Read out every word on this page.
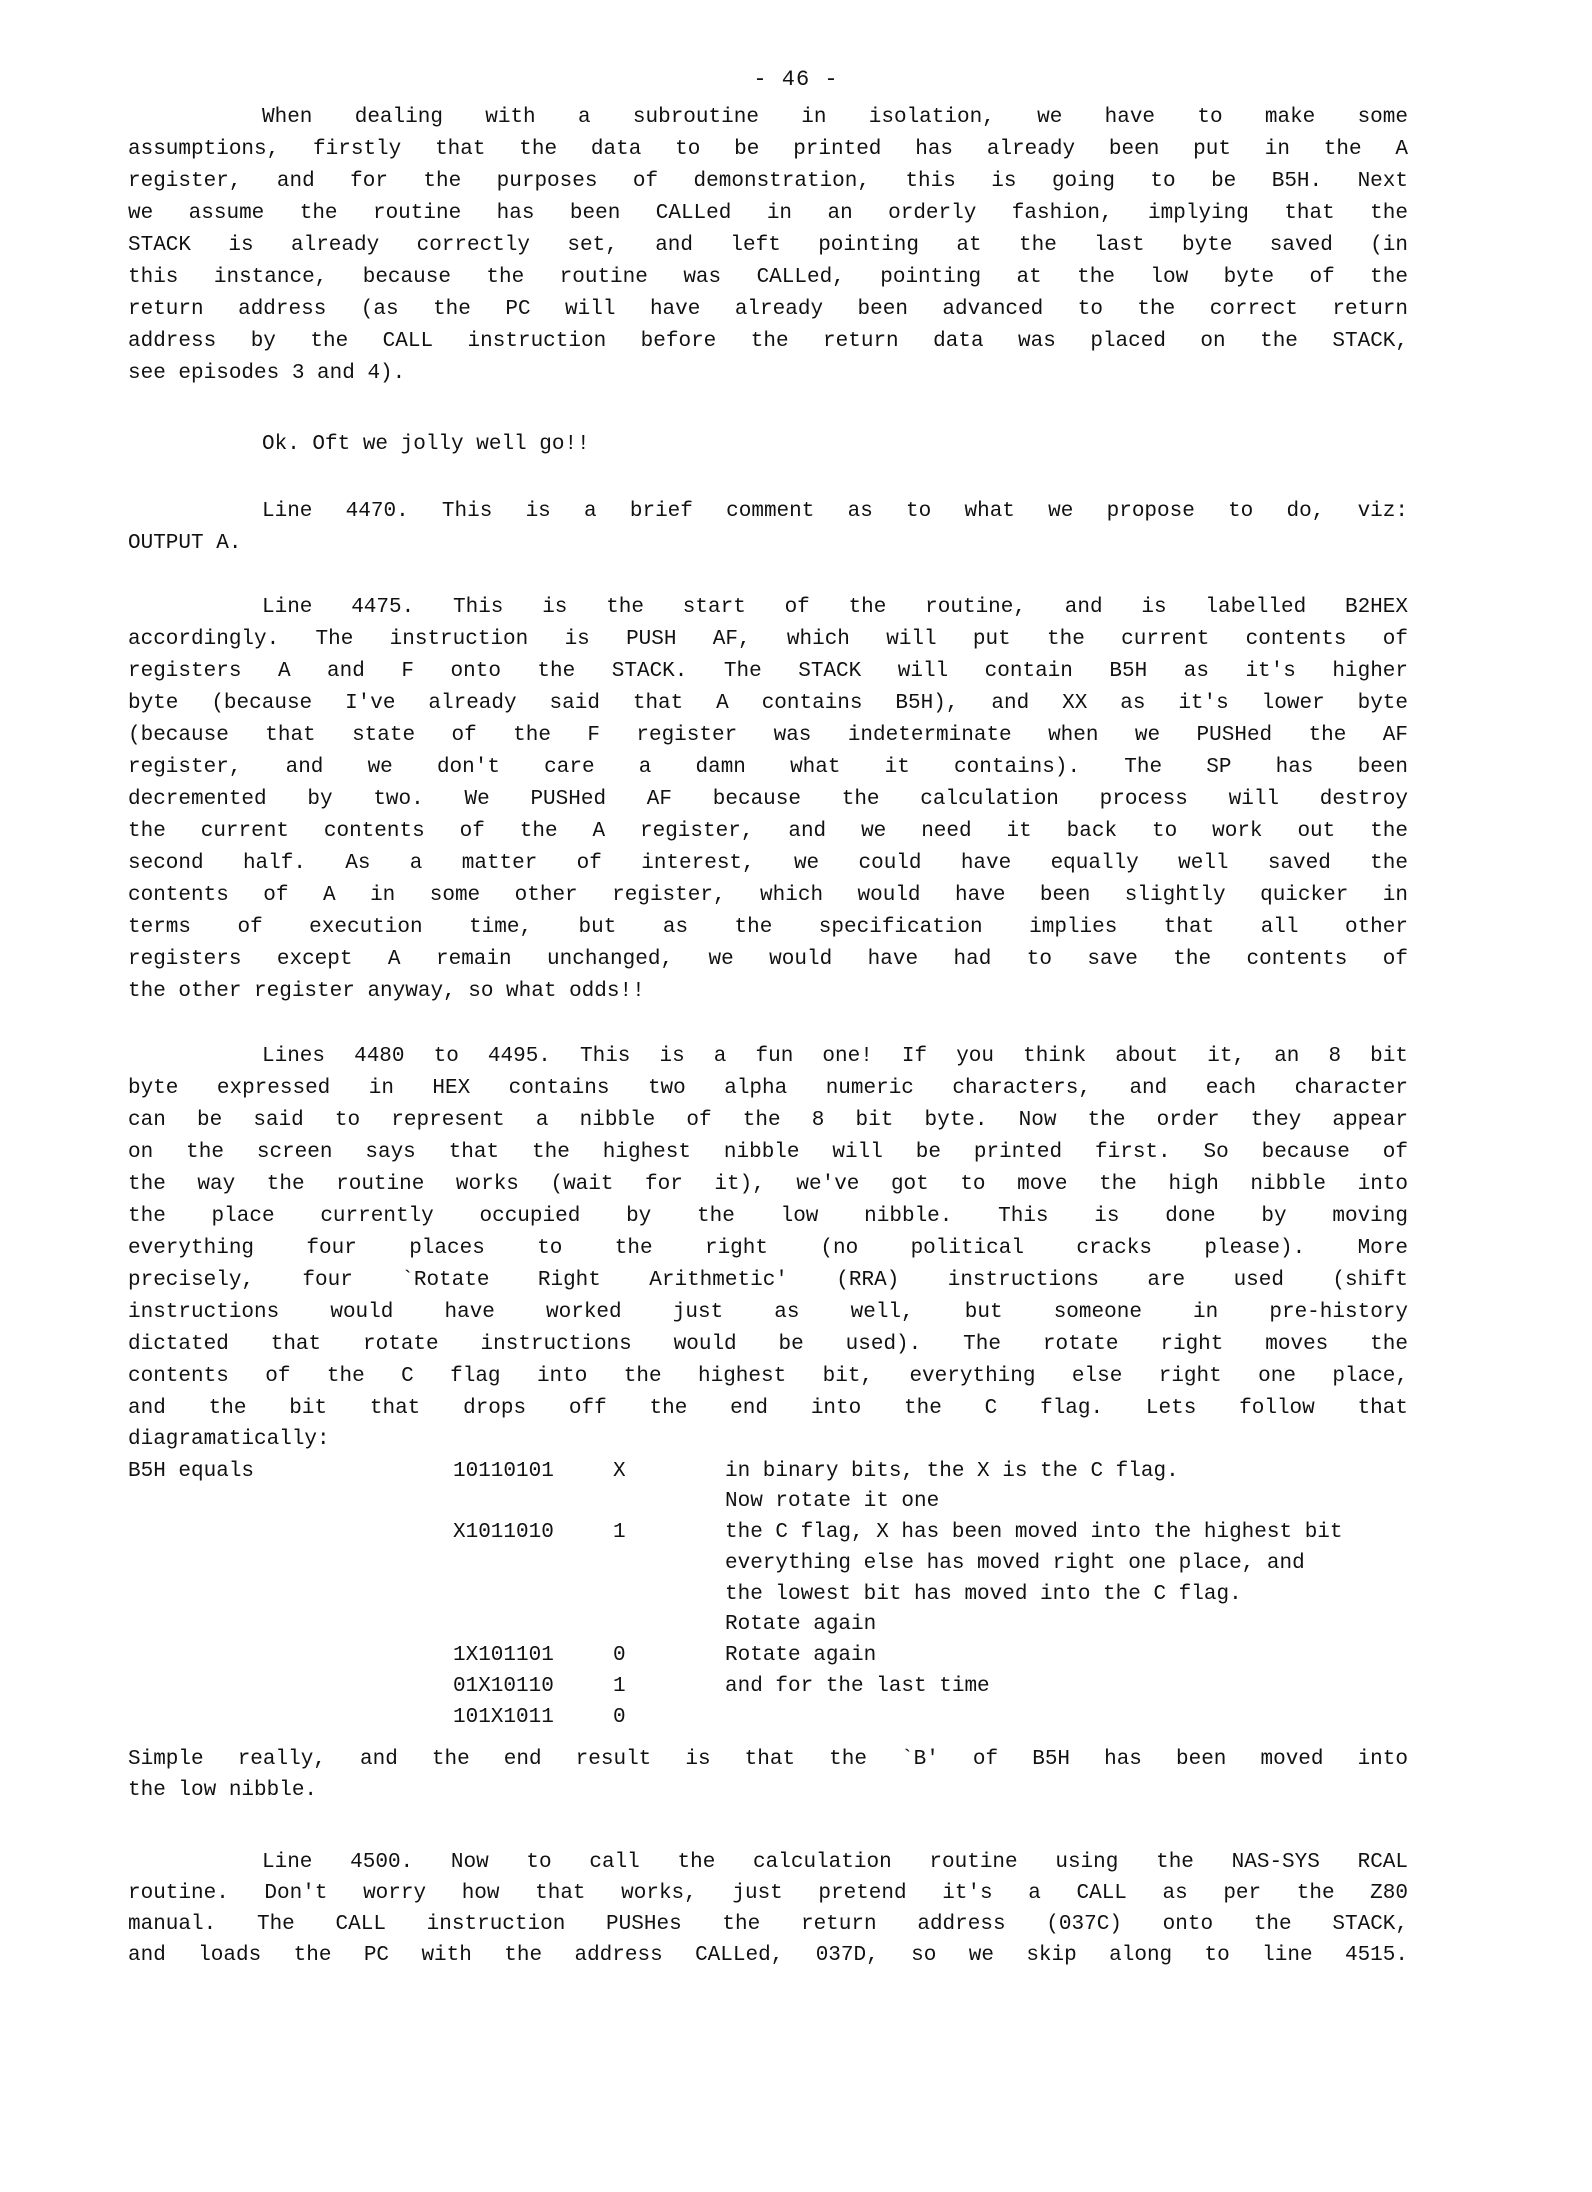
- 46 -
When dealing with a subroutine in isolation, we have to make some
assumptions, firstly that the data to be printed has already been put in the A
register, and for the purposes of demonstration, this is going to be B5H. Next
we assume the routine has been CALLed in an orderly fashion, implying that the
STACK is already correctly set, and left pointing at the last byte saved (in
this instance, because the routine was CALLed, pointing at the low byte of the
return address (as the PC will have already been advanced to the correct return
address by the CALL instruction before the return data was placed on the STACK,
see episodes 3 and 4).
Ok. Oft we jolly well go!!
Line 4470. This is a brief comment as to what we propose to do, viz:
OUTPUT A.
Line 4475. This is the start of the routine, and is labelled B2HEX
accordingly. The instruction is PUSH AF, which will put the current contents of
registers A and F onto the STACK. The STACK will contain B5H as it's higher
byte (because I've already said that A contains B5H), and XX as it's lower byte
(because that state of the F register was indeterminate when we PUSHed the AF
register, and we don't care a damn what it contains). The SP has been
decremented by two. We PUSHed AF because the calculation process will destroy
the current contents of the A register, and we need it back to work out the
second half. As a matter of interest, we could have equally well saved the
contents of A in some other register, which would have been slightly quicker in
terms of execution time, but as the specification implies that all other
registers except A remain unchanged, we would have had to save the contents of
the other register anyway, so what odds!!
Lines 4480 to 4495. This is a fun one! If you think about it, an 8 bit
byte expressed in HEX contains two alpha numeric characters, and each character
can be said to represent a nibble of the 8 bit byte. Now the order they appear
on the screen says that the highest nibble will be printed first. So because of
the way the routine works (wait for it), we've got to move the high nibble into
the place currently occupied by the low nibble. This is done by moving
everything four places to the right (no political cracks please). More
precisely, four `Rotate Right Arithmetic' (RRA) instructions are used (shift
instructions would have worked just as well, but someone in pre-history
dictated that rotate instructions would be used). The rotate right moves the
contents of the C flag into the highest bit, everything else right one place,
and the bit that drops off the end into the C flag. Lets follow that
diagramatically:
B5H equals	10110101	X	in binary bits, the X is the C flag.
Now rotate it one
X1011010	1	the C flag, X has been moved into the highest bit
everything else has moved right one place, and
the lowest bit has moved into the C flag.
Rotate again
1X101101	0	Rotate again
01X10110	1	and for the last time
101X1011	0
Simple really, and the end result is that the `B' of B5H has been moved into
the low nibble.
Line 4500. Now to call the calculation routine using the NAS-SYS RCAL
routine. Don't worry how that works, just pretend it's a CALL as per the Z80
manual. The CALL instruction PUSHes the return address (037C) onto the STACK,
and loads the PC with the address CALLed, 037D, so we skip along to line 4515.
